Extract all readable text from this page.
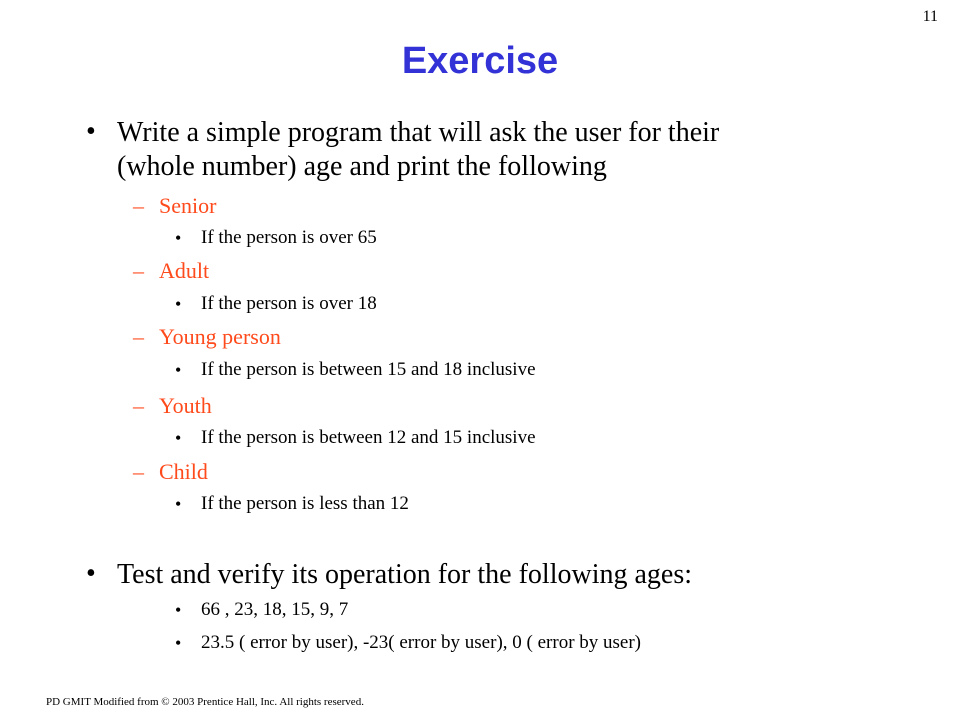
11
Exercise
• Write a simple program that will ask the user for their
(whole number) age and print the following
– Senior
• If the person is over 65
– Adult
• If the person is over 18
– Young person
• If the person is between 15 and 18 inclusive
– Youth
• If the person is between 12 and 15 inclusive
– Child
• If the person is less than 12
• Test and verify its operation for the following ages:
• 66 , 23, 18, 15, 9, 7
• 23.5 ( error by user), -23( error by user), 0 ( error by user)
PD GMIT Modified from © 2003 Prentice Hall, Inc. All rights reserved.
